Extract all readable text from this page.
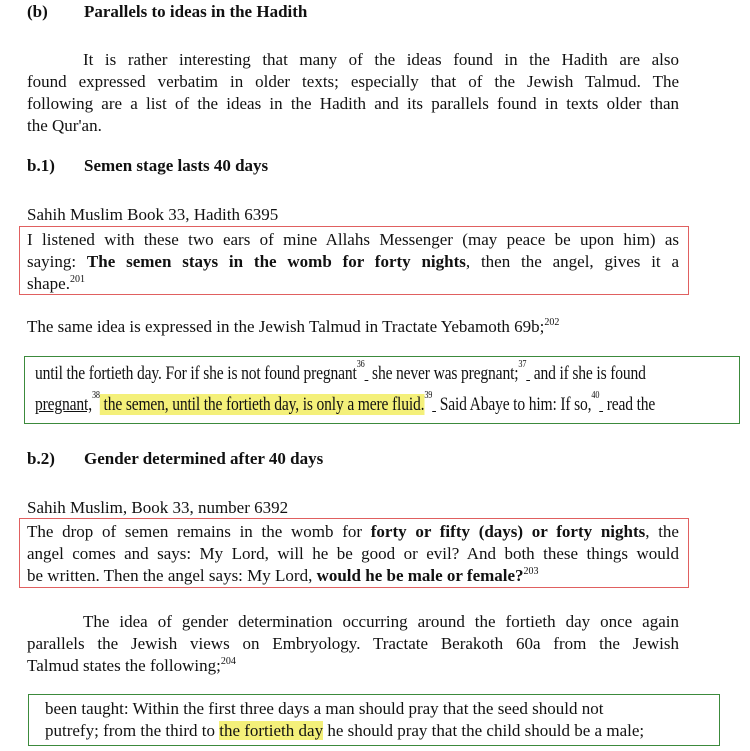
(b) Parallels to ideas in the Hadith
It is rather interesting that many of the ideas found in the Hadith are also
found expressed verbatim in older texts; especially that of the Jewish Talmud. The
following are a list of the ideas in the Hadith and its parallels found in texts older than
the Qur'an.
b.1) Semen stage lasts 40 days
Sahih Muslim Book 33, Hadith 6395
I listened with these two ears of mine Allahs Messenger (may peace be upon him) as
saying: The semen stays in the womb for forty nights, then the angel, gives it a
shape.$^{201}$
The same idea is expressed in the Jewish Talmud in Tractate Yebamoth 69b;$^{202}$
until the fortieth day. For if she is not found pregnant$^{36}$  she never was pregnant;$^{37}$  and if she is found
pregnant,$^{38}$ the semen, until the fortieth day, is only a mere fluid.$^{39}$  Said Abaye to him: If so,$^{40}$  read the
b.2) Gender determined after 40 days
Sahih Muslim, Book 33, number 6392
The drop of semen remains in the womb for forty or fifty (days) or forty nights, the
angel comes and says: My Lord, will he be good or evil? And both these things would
be written. Then the angel says: My Lord, would he be male or female?$^{203}$
The idea of gender determination occurring around the fortieth day once again
parallels the Jewish views on Embryology. Tractate Berakoth 60a from the Jewish
Talmud states the following;$^{204}$
been taught: Within the first three days a man should pray that the seed should not
putrefy; from the third to the fortieth day he should pray that the child should be a male;
